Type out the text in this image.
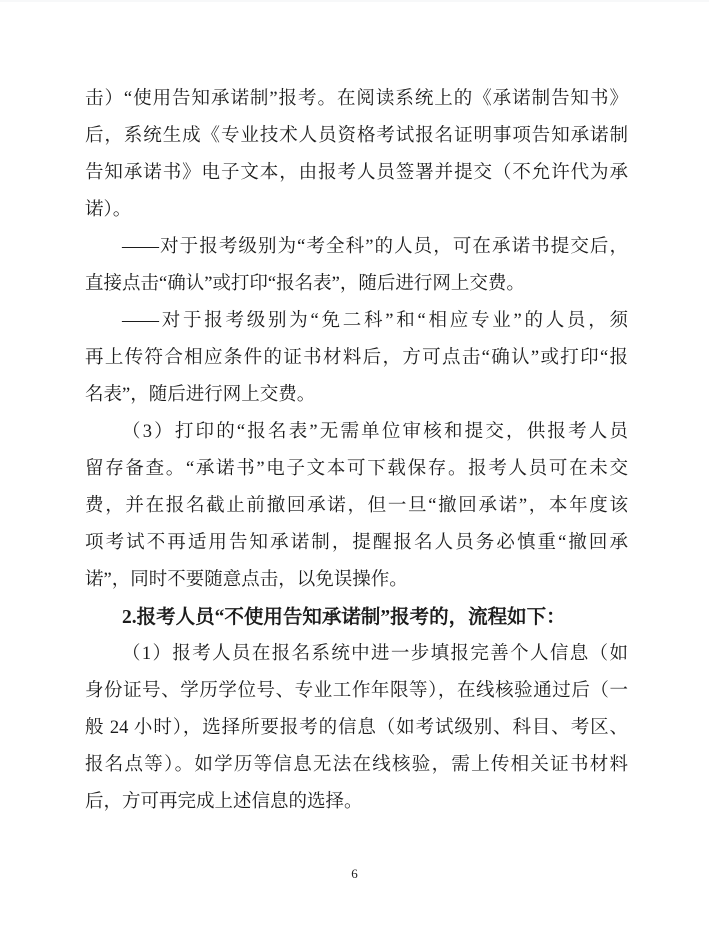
击）“使用告知承诺制”报考。在阅读系统上的《承诺制告知书》
后，系统生成《专业技术人员资格考试报名证明事项告知承诺制
告知承诺书》电子文本，由报考人员签署并提交（不允许代为承
诺）。
——对于报考级别为“考全科”的人员，可在承诺书提交后，
直接点击“确认”或打印“报名表”，随后进行网上交费。
——对于报考级别为“免二科”和“相应专业”的人员，须
再上传符合相应条件的证书材料后，方可点击“确认”或打印“报
名表”，随后进行网上交费。
（3）打印的“报名表”无需单位审核和提交，供报考人员
留存备查。“承诺书”电子文本可下载保存。报考人员可在未交
费，并在报名截止前撤回承诺，但一旦“撤回承诺”，本年度该
项考试不再适用告知承诺制，提醒报名人员务必慎重“撤回承
诺”，同时不要随意点击，以免误操作。
2.报考人员“不使用告知承诺制”报考的，流程如下：
（1）报考人员在报名系统中进一步填报完善个人信息（如
身份证号、学历学位号、专业工作年限等），在线核验通过后（一
般 24 小时），选择所要报考的信息（如考试级别、科目、考区、
报名点等）。如学历等信息无法在线核验，需上传相关证书材料
后，方可再完成上述信息的选择。
6
